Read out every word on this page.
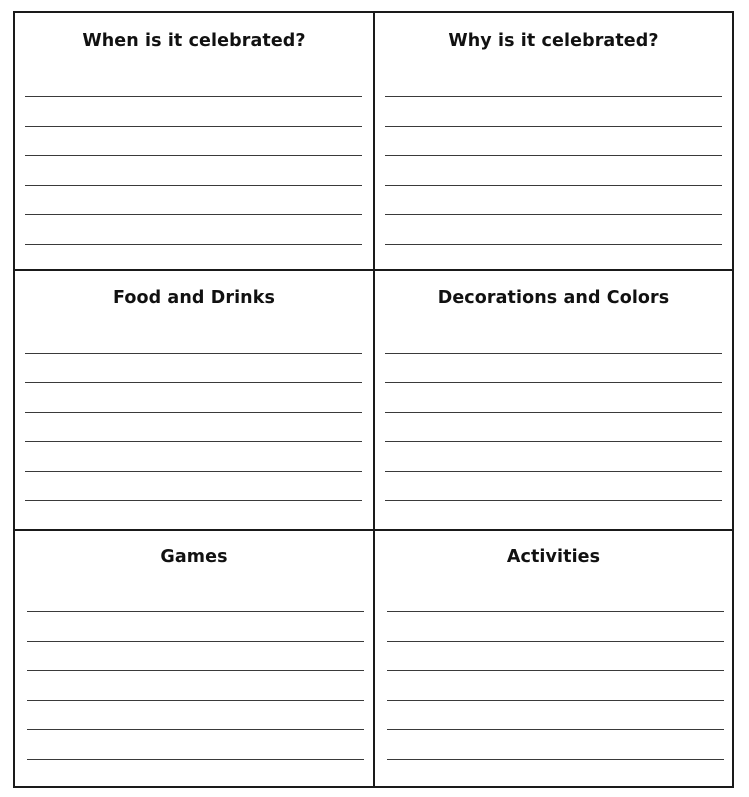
When is it celebrated?	Why is it celebrated?
Food and Drinks	Decorations and Colors
Games	Activities
